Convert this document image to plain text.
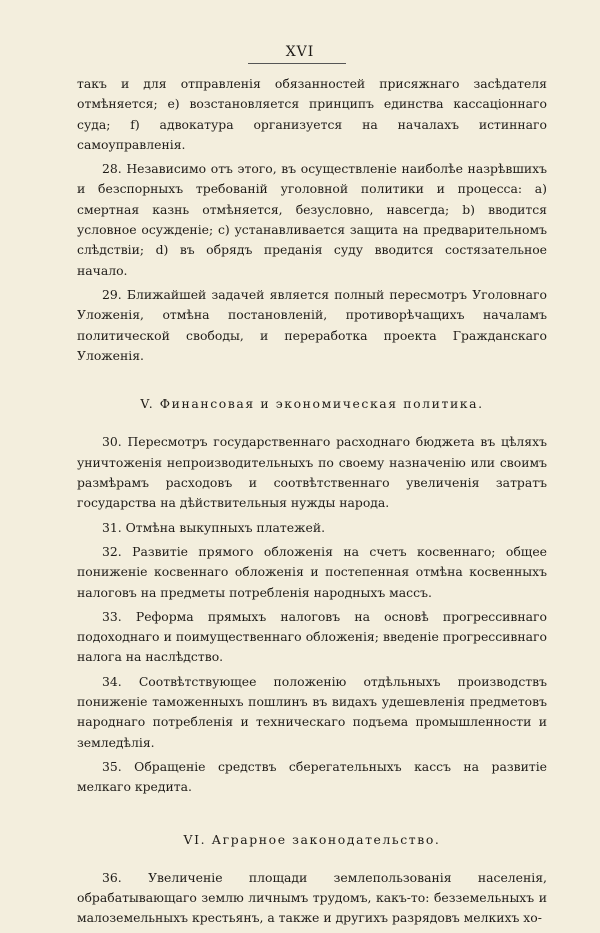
XVI

такъ и для отправленія обязанностей присяжнаго засѣдателя отмѣняется; е) возстановляется принципъ единства кассаціоннаго суда; f) адвокатура организуется на началахъ истиннаго самоуправленія.

28. Независимо отъ этого, въ осуществленіе наиболѣе назрѣвшихъ и безспорныхъ требованій уголовной политики и процесса: a) смертная казнь отмѣняется, безусловно, навсегда; b) вводится условное осужденіе; c) устанавливается защита на предварительномъ слѣдствіи; d) въ обрядъ преданія суду вводится состязательное начало.

29. Ближайшей задачей является полный пересмотръ Уголовнаго Уложенія, отмѣна постановленій, противорѣчащихъ началамъ политической свободы, и переработка проекта Гражданскаго Уложенія.

V. Финансовая и экономическая политика.

30. Пересмотръ государственнаго расходнаго бюджета въ цѣляхъ уничтоженія непроизводительныхъ по своему назначенію или своимъ размѣрамъ расходовъ и соотвѣтственнаго увеличенія затратъ государства на дѣйствительныя нужды народа.

31. Отмѣна выкупныхъ платежей.

32. Развитіе прямого обложенія на счетъ косвеннаго; общее пониженіе косвеннаго обложенія и постепенная отмѣна косвенныхъ налоговъ на предметы потребленія народныхъ массъ.

33. Реформа прямыхъ налоговъ на основѣ прогрессивнаго подоходнаго и поимущественнаго обложенія; введеніе прогрессивнаго налога на наслѣдство.

34. Соотвѣтствующее положенію отдѣльныхъ производствъ пониженіе таможенныхъ пошлинъ въ видахъ удешевленія предметовъ народнаго потребленія и техническаго подъема промышленности и земледѣлія.

35. Обращеніе средствъ сберегательныхъ кассъ на развитіе мелкаго кредита.

VI. Аграрное законодательство.

36. Увеличеніе площади землепользованія населенія, обрабатывающаго землю личнымъ трудомъ, какъ-то: безземельныхъ и малоземельныхъ крестьянъ, а также и другихъ разрядовъ мелкихъ хо-
